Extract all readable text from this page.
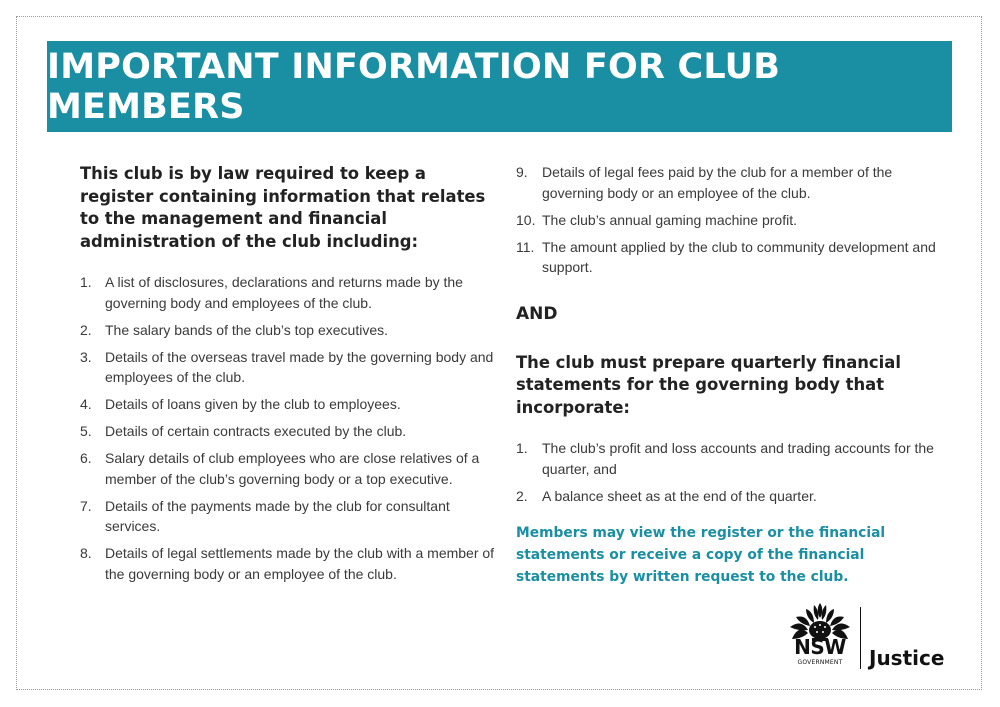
IMPORTANT INFORMATION FOR CLUB MEMBERS
This club is by law required to keep a register containing information that relates to the management and financial administration of the club including:
1. A list of disclosures, declarations and returns made by the governing body and employees of the club.
2. The salary bands of the club’s top executives.
3. Details of the overseas travel made by the governing body and employees of the club.
4. Details of loans given by the club to employees.
5. Details of certain contracts executed by the club.
6. Salary details of club employees who are close relatives of a member of the club’s governing body or a top executive.
7. Details of the payments made by the club for consultant services.
8. Details of legal settlements made by the club with a member of the governing body or an employee of the club.
9.	Details of legal fees paid by the club for a member of the governing body or an employee of the club.
10. The club’s annual gaming machine profit.
11. The amount applied by the club to community development and support.
AND
The club must prepare quarterly financial statements for the governing body that incorporate:
1.	The club’s profit and loss accounts and trading accounts for the quarter, and
2.	A balance sheet as at the end of the quarter.

Members may view the register or the financial statements or receive a copy of the financial statements by written request to the club.

NSW
GOVERNMENT	Justice
